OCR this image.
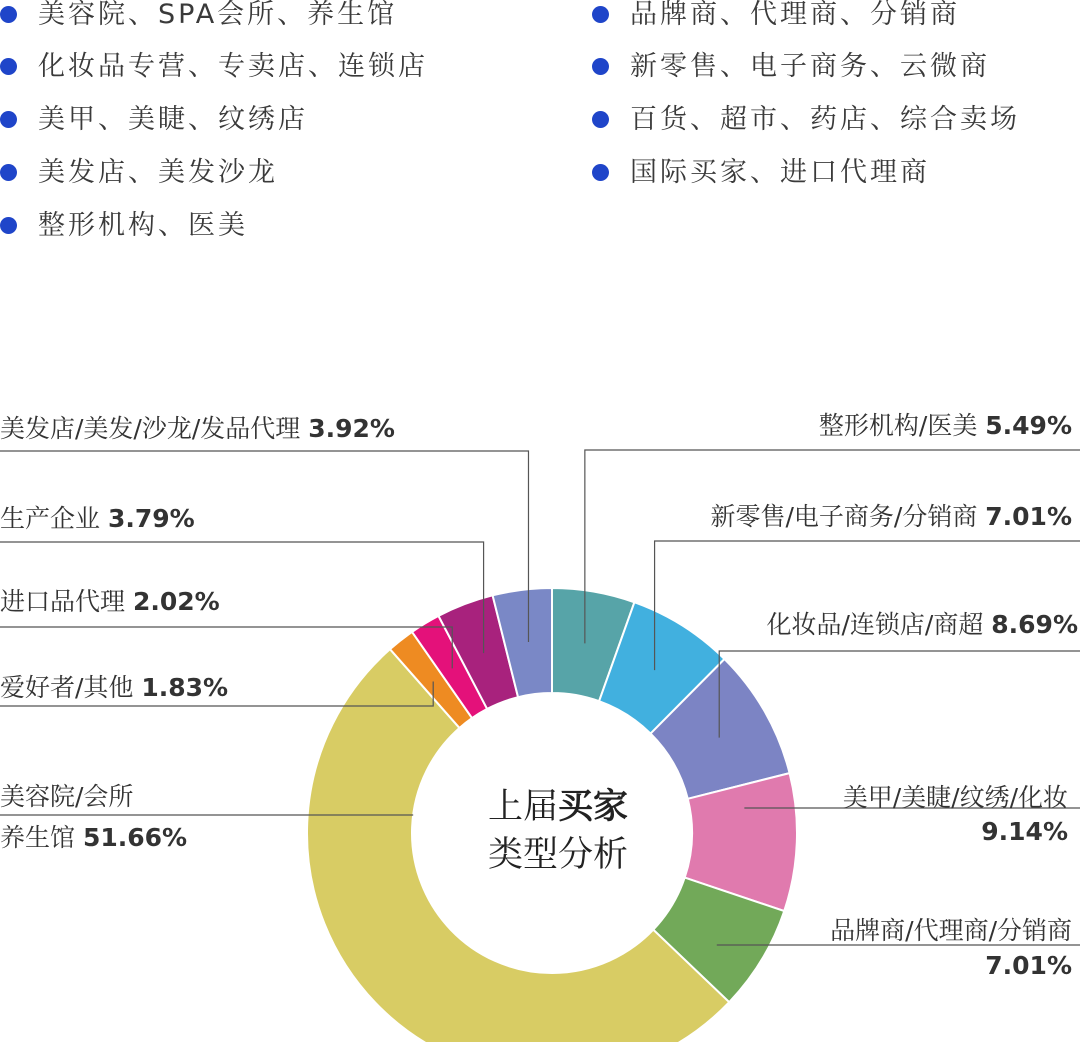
美容院、SPA会所、养生馆
化妆品专营、专卖店、连锁店
美甲、美睫、纹绣店
美发店、美发沙龙
整形机构、医美
品牌商、代理商、分销商
新零售、电子商务、云微商
百货、超市、药店、综合卖场
国际买家、进口代理商
整形机构/医美 5.49%
新零售/电子商务/分销商 7.01%
化妆品/连锁店/商超 8.69%
美甲/美睫/纹绣/化妆
9.14%
品牌商/代理商/分销商
7.01%
美容院/会所
养生馆 51.66%
爱好者/其他 1.83%
进口品代理 2.02%
生产企业 3.79%
美发店/美发/沙龙/发品代理 3.92%
上届买家
类型分析
